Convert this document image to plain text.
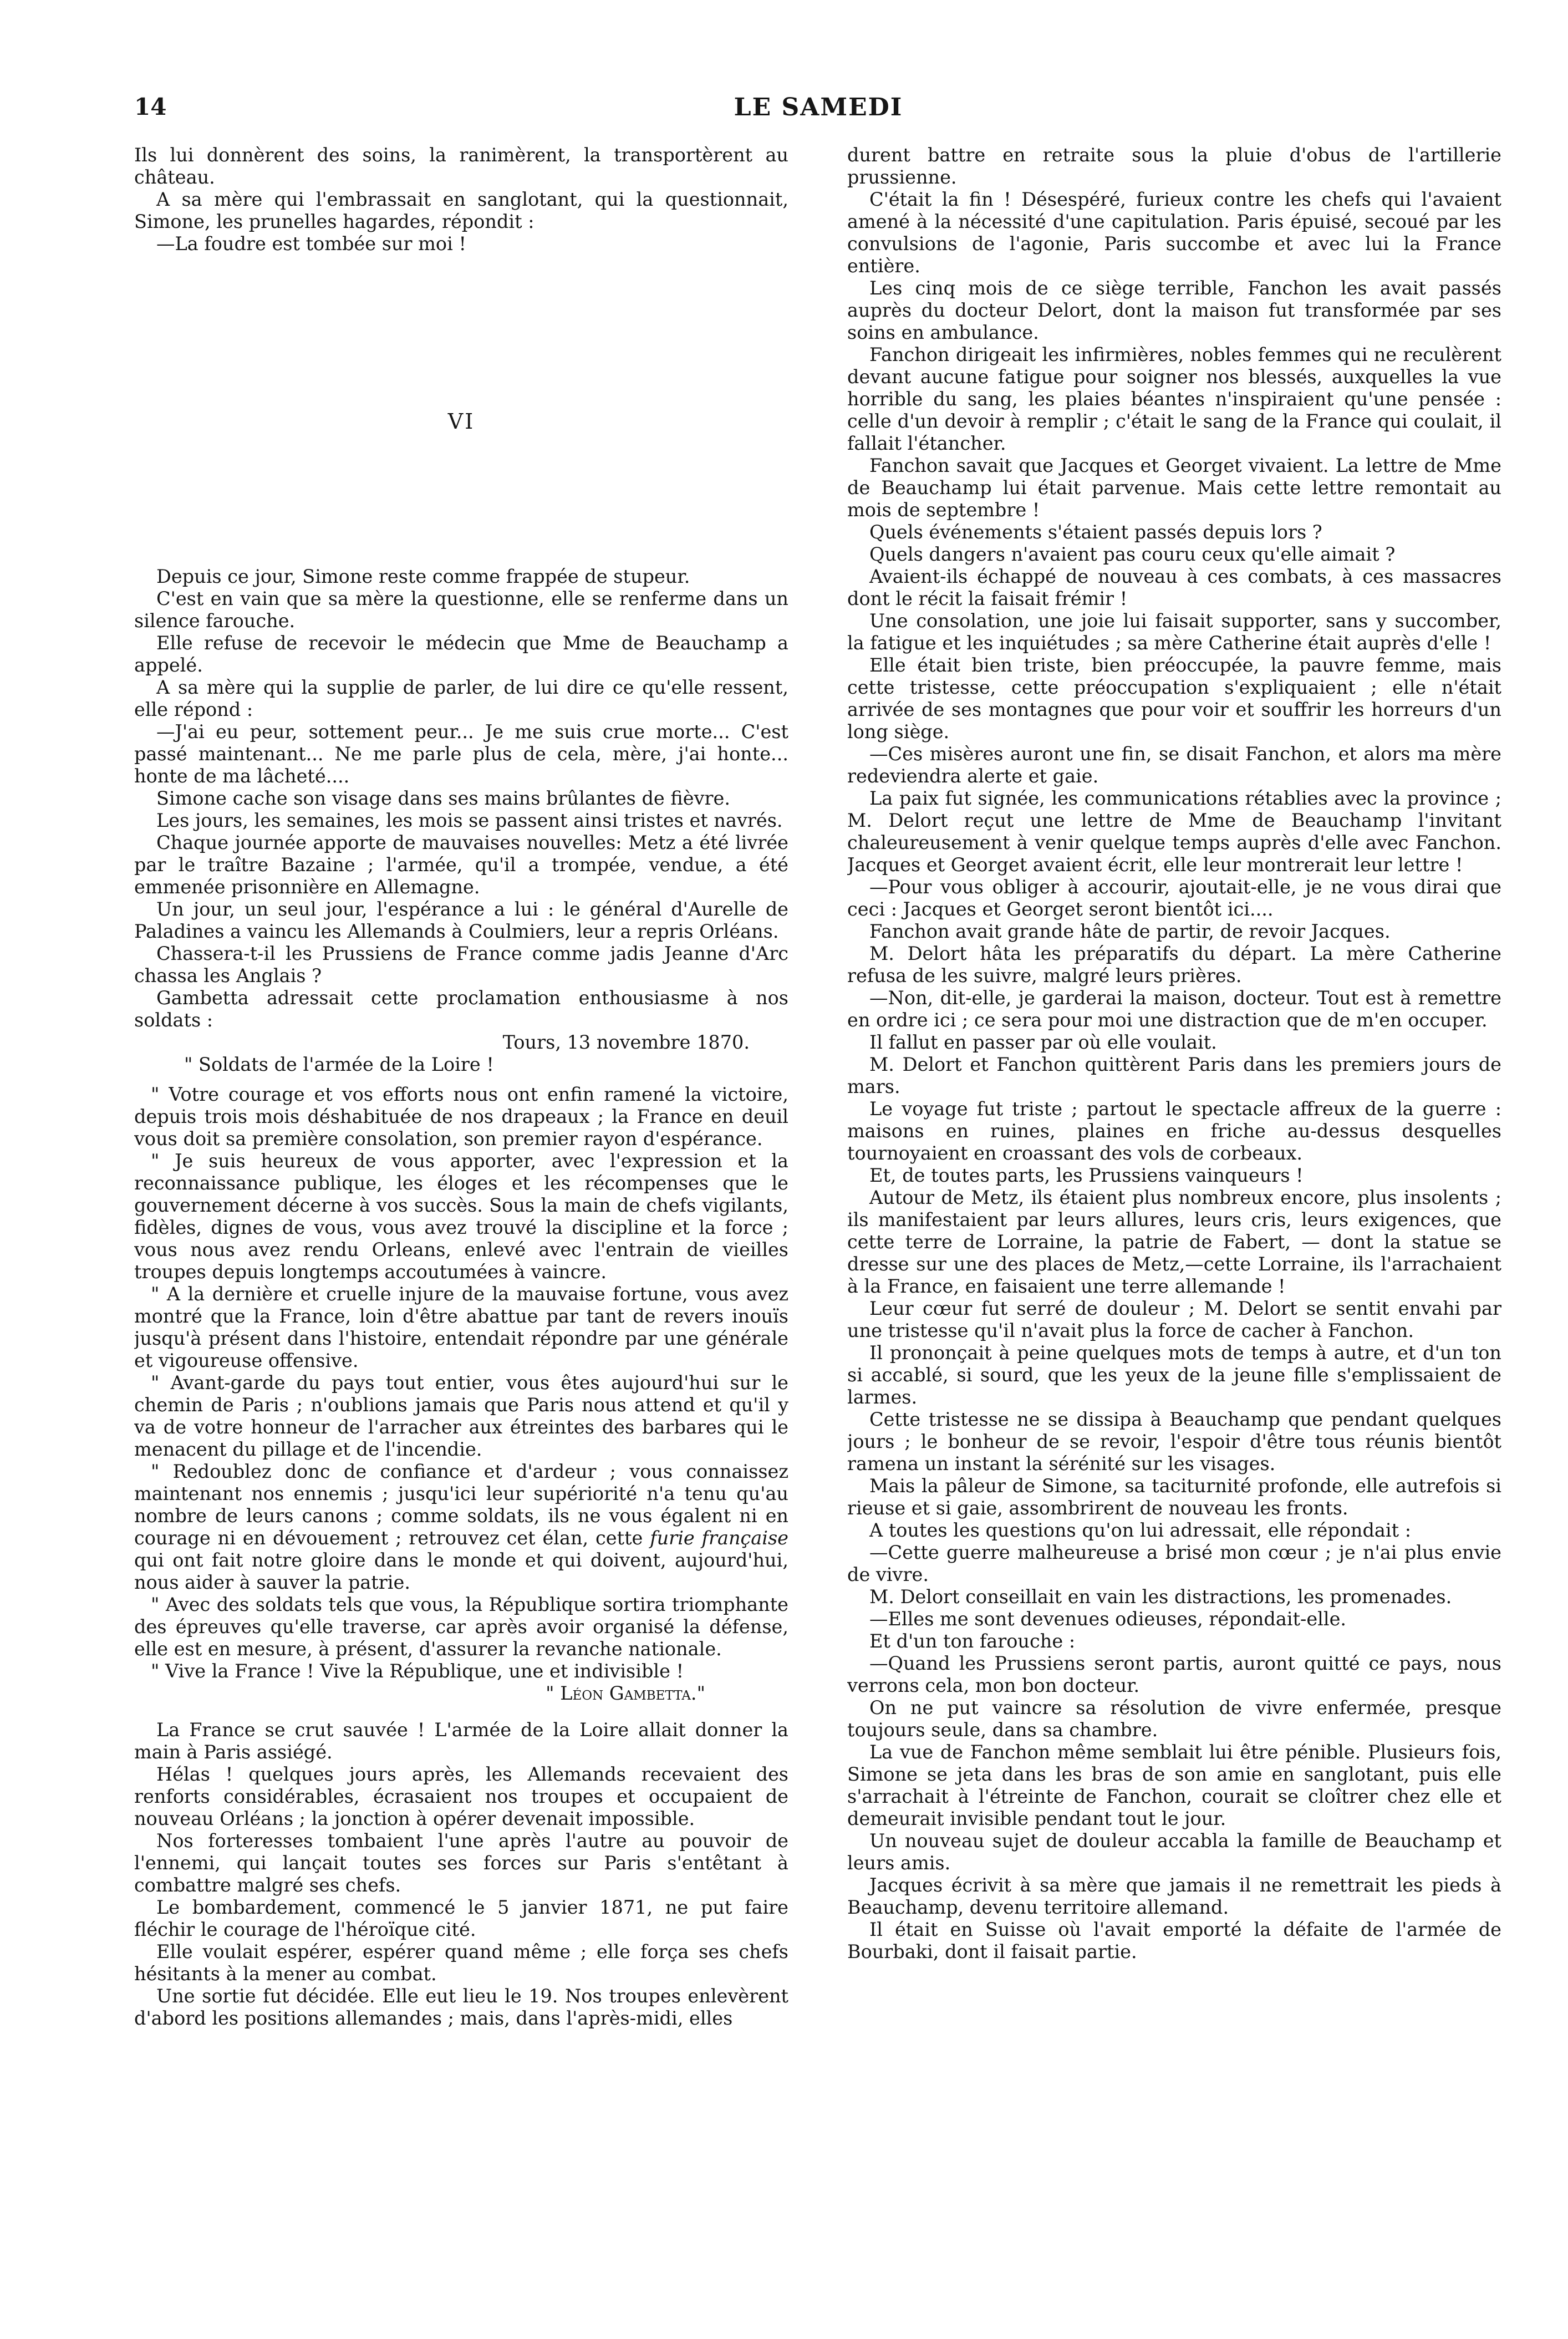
14	LE SAMEDI

Ils lui donnèrent des soins, la ranimèrent, la transportèrent au château.

A sa mère qui l'embrassait en sanglotant, qui la questionnait, Simone, les prunelles hagardes, répondit :

—La foudre est tombée sur moi !

VI

Depuis ce jour, Simone reste comme frappée de stupeur.

C'est en vain que sa mère la questionne, elle se renferme dans un silence farouche.

Elle refuse de recevoir le médecin que Mme de Beauchamp a appelé.

A sa mère qui la supplie de parler, de lui dire ce qu'elle ressent, elle répond :

—J'ai eu peur, sottement peur... Je me suis crue morte... C'est passé maintenant... Ne me parle plus de cela, mère, j'ai honte... honte de ma lâcheté....

Simone cache son visage dans ses mains brûlantes de fièvre.

Les jours, les semaines, les mois se passent ainsi tristes et navrés.

Chaque journée apporte de mauvaises nouvelles: Metz a été livrée par le traître Bazaine ; l'armée, qu'il a trompée, vendue, a été emmenée prisonnière en Allemagne.

Un jour, un seul jour, l'espérance a lui : le général d'Aurelle de Paladines a vaincu les Allemands à Coulmiers, leur a repris Orléans.

Chassera-t-il les Prussiens de France comme jadis Jeanne d'Arc chassa les Anglais ?

Gambetta adressait cette proclamation enthousiasme à nos soldats :

Tours, 13 novembre 1870.

" Soldats de l'armée de la Loire !

" Votre courage et vos efforts nous ont enfin ramené la victoire, depuis trois mois déshabituée de nos drapeaux ; la France en deuil vous doit sa première consolation, son premier rayon d'espérance.

" Je suis heureux de vous apporter, avec l'expression et la reconnaissance publique, les éloges et les récompenses que le gouvernement décerne à vos succès. Sous la main de chefs vigilants, fidèles, dignes de vous, vous avez trouvé la discipline et la force ; vous nous avez rendu Orleans, enlevé avec l'entrain de vieilles troupes depuis longtemps accoutumées à vaincre.

" A la dernière et cruelle injure de la mauvaise fortune, vous avez montré que la France, loin d'être abattue par tant de revers inouïs jusqu'à présent dans l'histoire, entendait répondre par une générale et vigoureuse offensive.

" Avant-garde du pays tout entier, vous êtes aujourd'hui sur le chemin de Paris ; n'oublions jamais que Paris nous attend et qu'il y va de votre honneur de l'arracher aux étreintes des barbares qui le menacent du pillage et de l'incendie.

" Redoublez donc de confiance et d'ardeur ; vous connaissez maintenant nos ennemis ; jusqu'ici leur supériorité n'a tenu qu'au nombre de leurs canons ; comme soldats, ils ne vous égalent ni en courage ni en dévouement ; retrouvez cet élan, cette furie française qui ont fait notre gloire dans le monde et qui doivent, aujourd'hui, nous aider à sauver la patrie.

" Avec des soldats tels que vous, la République sortira triomphante des épreuves qu'elle traverse, car après avoir organisé la défense, elle est en mesure, à présent, d'assurer la revanche nationale.

" Vive la France ! Vive la République, une et indivisible !

" Léon Gambetta."

La France se crut sauvée ! L'armée de la Loire allait donner la main à Paris assiégé.

Hélas ! quelques jours après, les Allemands recevaient des renforts considérables, écrasaient nos troupes et occupaient de nouveau Orléans ; la jonction à opérer devenait impossible.

Nos forteresses tombaient l'une après l'autre au pouvoir de l'ennemi, qui lançait toutes ses forces sur Paris s'entêtant à combattre malgré ses chefs.

Le bombardement, commencé le 5 janvier 1871, ne put faire fléchir le courage de l'héroïque cité.

Elle voulait espérer, espérer quand même ; elle força ses chefs hésitants à la mener au combat.

Une sortie fut décidée. Elle eut lieu le 19. Nos troupes enlevèrent d'abord les positions allemandes ; mais, dans l'après-midi, elles

durent battre en retraite sous la pluie d'obus de l'artillerie prussienne.

C'était la fin ! Désespéré, furieux contre les chefs qui l'avaient amené à la nécessité d'une capitulation. Paris épuisé, secoué par les convulsions de l'agonie, Paris succombe et avec lui la France entière.

Les cinq mois de ce siège terrible, Fanchon les avait passés auprès du docteur Delort, dont la maison fut transformée par ses soins en ambulance.

Fanchon dirigeait les infirmières, nobles femmes qui ne reculèrent devant aucune fatigue pour soigner nos blessés, auxquelles la vue horrible du sang, les plaies béantes n'inspiraient qu'une pensée : celle d'un devoir à remplir ; c'était le sang de la France qui coulait, il fallait l'étancher.

Fanchon savait que Jacques et Georget vivaient. La lettre de Mme de Beauchamp lui était parvenue. Mais cette lettre remontait au mois de septembre !

Quels événements s'étaient passés depuis lors ?

Quels dangers n'avaient pas couru ceux qu'elle aimait ?

Avaient-ils échappé de nouveau à ces combats, à ces massacres dont le récit la faisait frémir !

Une consolation, une joie lui faisait supporter, sans y succomber, la fatigue et les inquiétudes ; sa mère Catherine était auprès d'elle !

Elle était bien triste, bien préoccupée, la pauvre femme, mais cette tristesse, cette préoccupation s'expliquaient ; elle n'était arrivée de ses montagnes que pour voir et souffrir les horreurs d'un long siège.

—Ces misères auront une fin, se disait Fanchon, et alors ma mère redeviendra alerte et gaie.

La paix fut signée, les communications rétablies avec la province ; M. Delort reçut une lettre de Mme de Beauchamp l'invitant chaleureusement à venir quelque temps auprès d'elle avec Fanchon. Jacques et Georget avaient écrit, elle leur montrerait leur lettre !

—Pour vous obliger à accourir, ajoutait-elle, je ne vous dirai que ceci : Jacques et Georget seront bientôt ici....

Fanchon avait grande hâte de partir, de revoir Jacques.

M. Delort hâta les préparatifs du départ. La mère Catherine refusa de les suivre, malgré leurs prières.

—Non, dit-elle, je garderai la maison, docteur. Tout est à remettre en ordre ici ; ce sera pour moi une distraction que de m'en occuper.

Il fallut en passer par où elle voulait.

M. Delort et Fanchon quittèrent Paris dans les premiers jours de mars.

Le voyage fut triste ; partout le spectacle affreux de la guerre : maisons en ruines, plaines en friche au-dessus desquelles tournoyaient en croassant des vols de corbeaux.

Et, de toutes parts, les Prussiens vainqueurs !

Autour de Metz, ils étaient plus nombreux encore, plus insolents ; ils manifestaient par leurs allures, leurs cris, leurs exigences, que cette terre de Lorraine, la patrie de Fabert, — dont la statue se dresse sur une des places de Metz,—cette Lorraine, ils l'arrachaient à la France, en faisaient une terre allemande !

Leur cœur fut serré de douleur ; M. Delort se sentit envahi par une tristesse qu'il n'avait plus la force de cacher à Fanchon.

Il prononçait à peine quelques mots de temps à autre, et d'un ton si accablé, si sourd, que les yeux de la jeune fille s'emplissaient de larmes.

Cette tristesse ne se dissipa à Beauchamp que pendant quelques jours ; le bonheur de se revoir, l'espoir d'être tous réunis bientôt ramena un instant la sérénité sur les visages.

Mais la pâleur de Simone, sa taciturnité profonde, elle autrefois si rieuse et si gaie, assombrirent de nouveau les fronts.

A toutes les questions qu'on lui adressait, elle répondait :

—Cette guerre malheureuse a brisé mon cœur ; je n'ai plus envie de vivre.

M. Delort conseillait en vain les distractions, les promenades.

—Elles me sont devenues odieuses, répondait-elle.

Et d'un ton farouche :

—Quand les Prussiens seront partis, auront quitté ce pays, nous verrons cela, mon bon docteur.

On ne put vaincre sa résolution de vivre enfermée, presque toujours seule, dans sa chambre.

La vue de Fanchon même semblait lui être pénible. Plusieurs fois, Simone se jeta dans les bras de son amie en sanglotant, puis elle s'arrachait à l'étreinte de Fanchon, courait se cloîtrer chez elle et demeurait invisible pendant tout le jour.

Un nouveau sujet de douleur accabla la famille de Beauchamp et leurs amis.

Jacques écrivit à sa mère que jamais il ne remettrait les pieds à Beauchamp, devenu territoire allemand.

Il était en Suisse où l'avait emporté la défaite de l'armée de Bourbaki, dont il faisait partie.
